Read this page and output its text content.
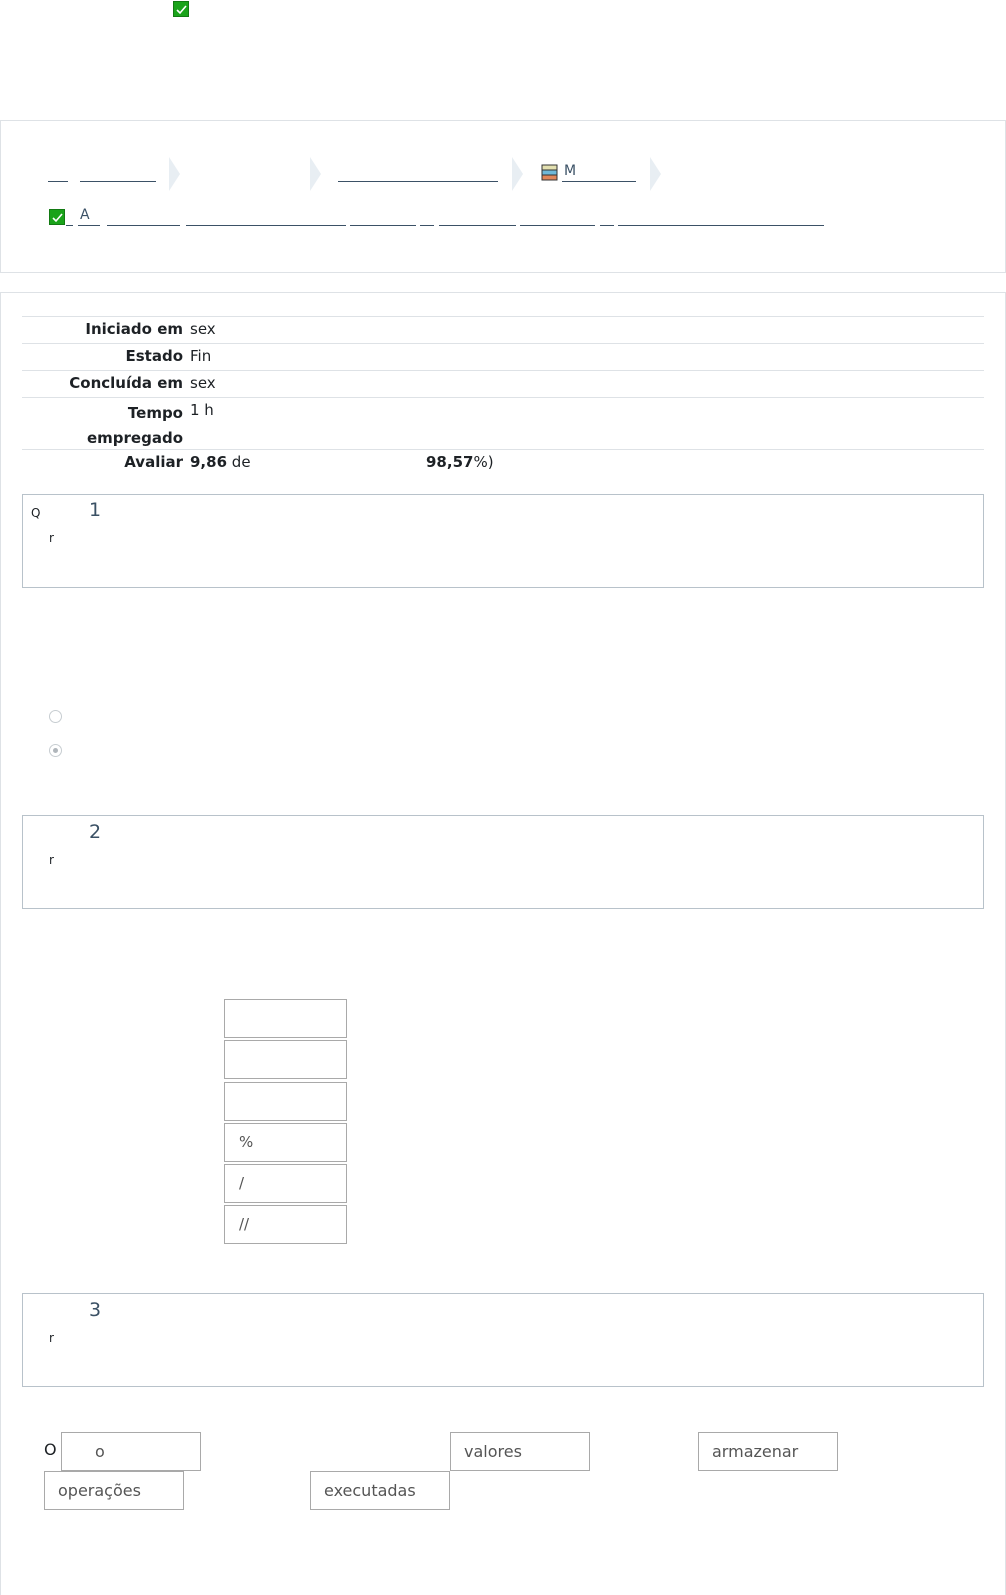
M
A
Iniciado em sex
Estado Fin
Concluída em sex
Tempo empregado
1 h
Avaliar 9,86 de	98,57%)
Q	1
r
2
r
%
/
//
3
r
O	o	valores	armazenar
operações	executadas
